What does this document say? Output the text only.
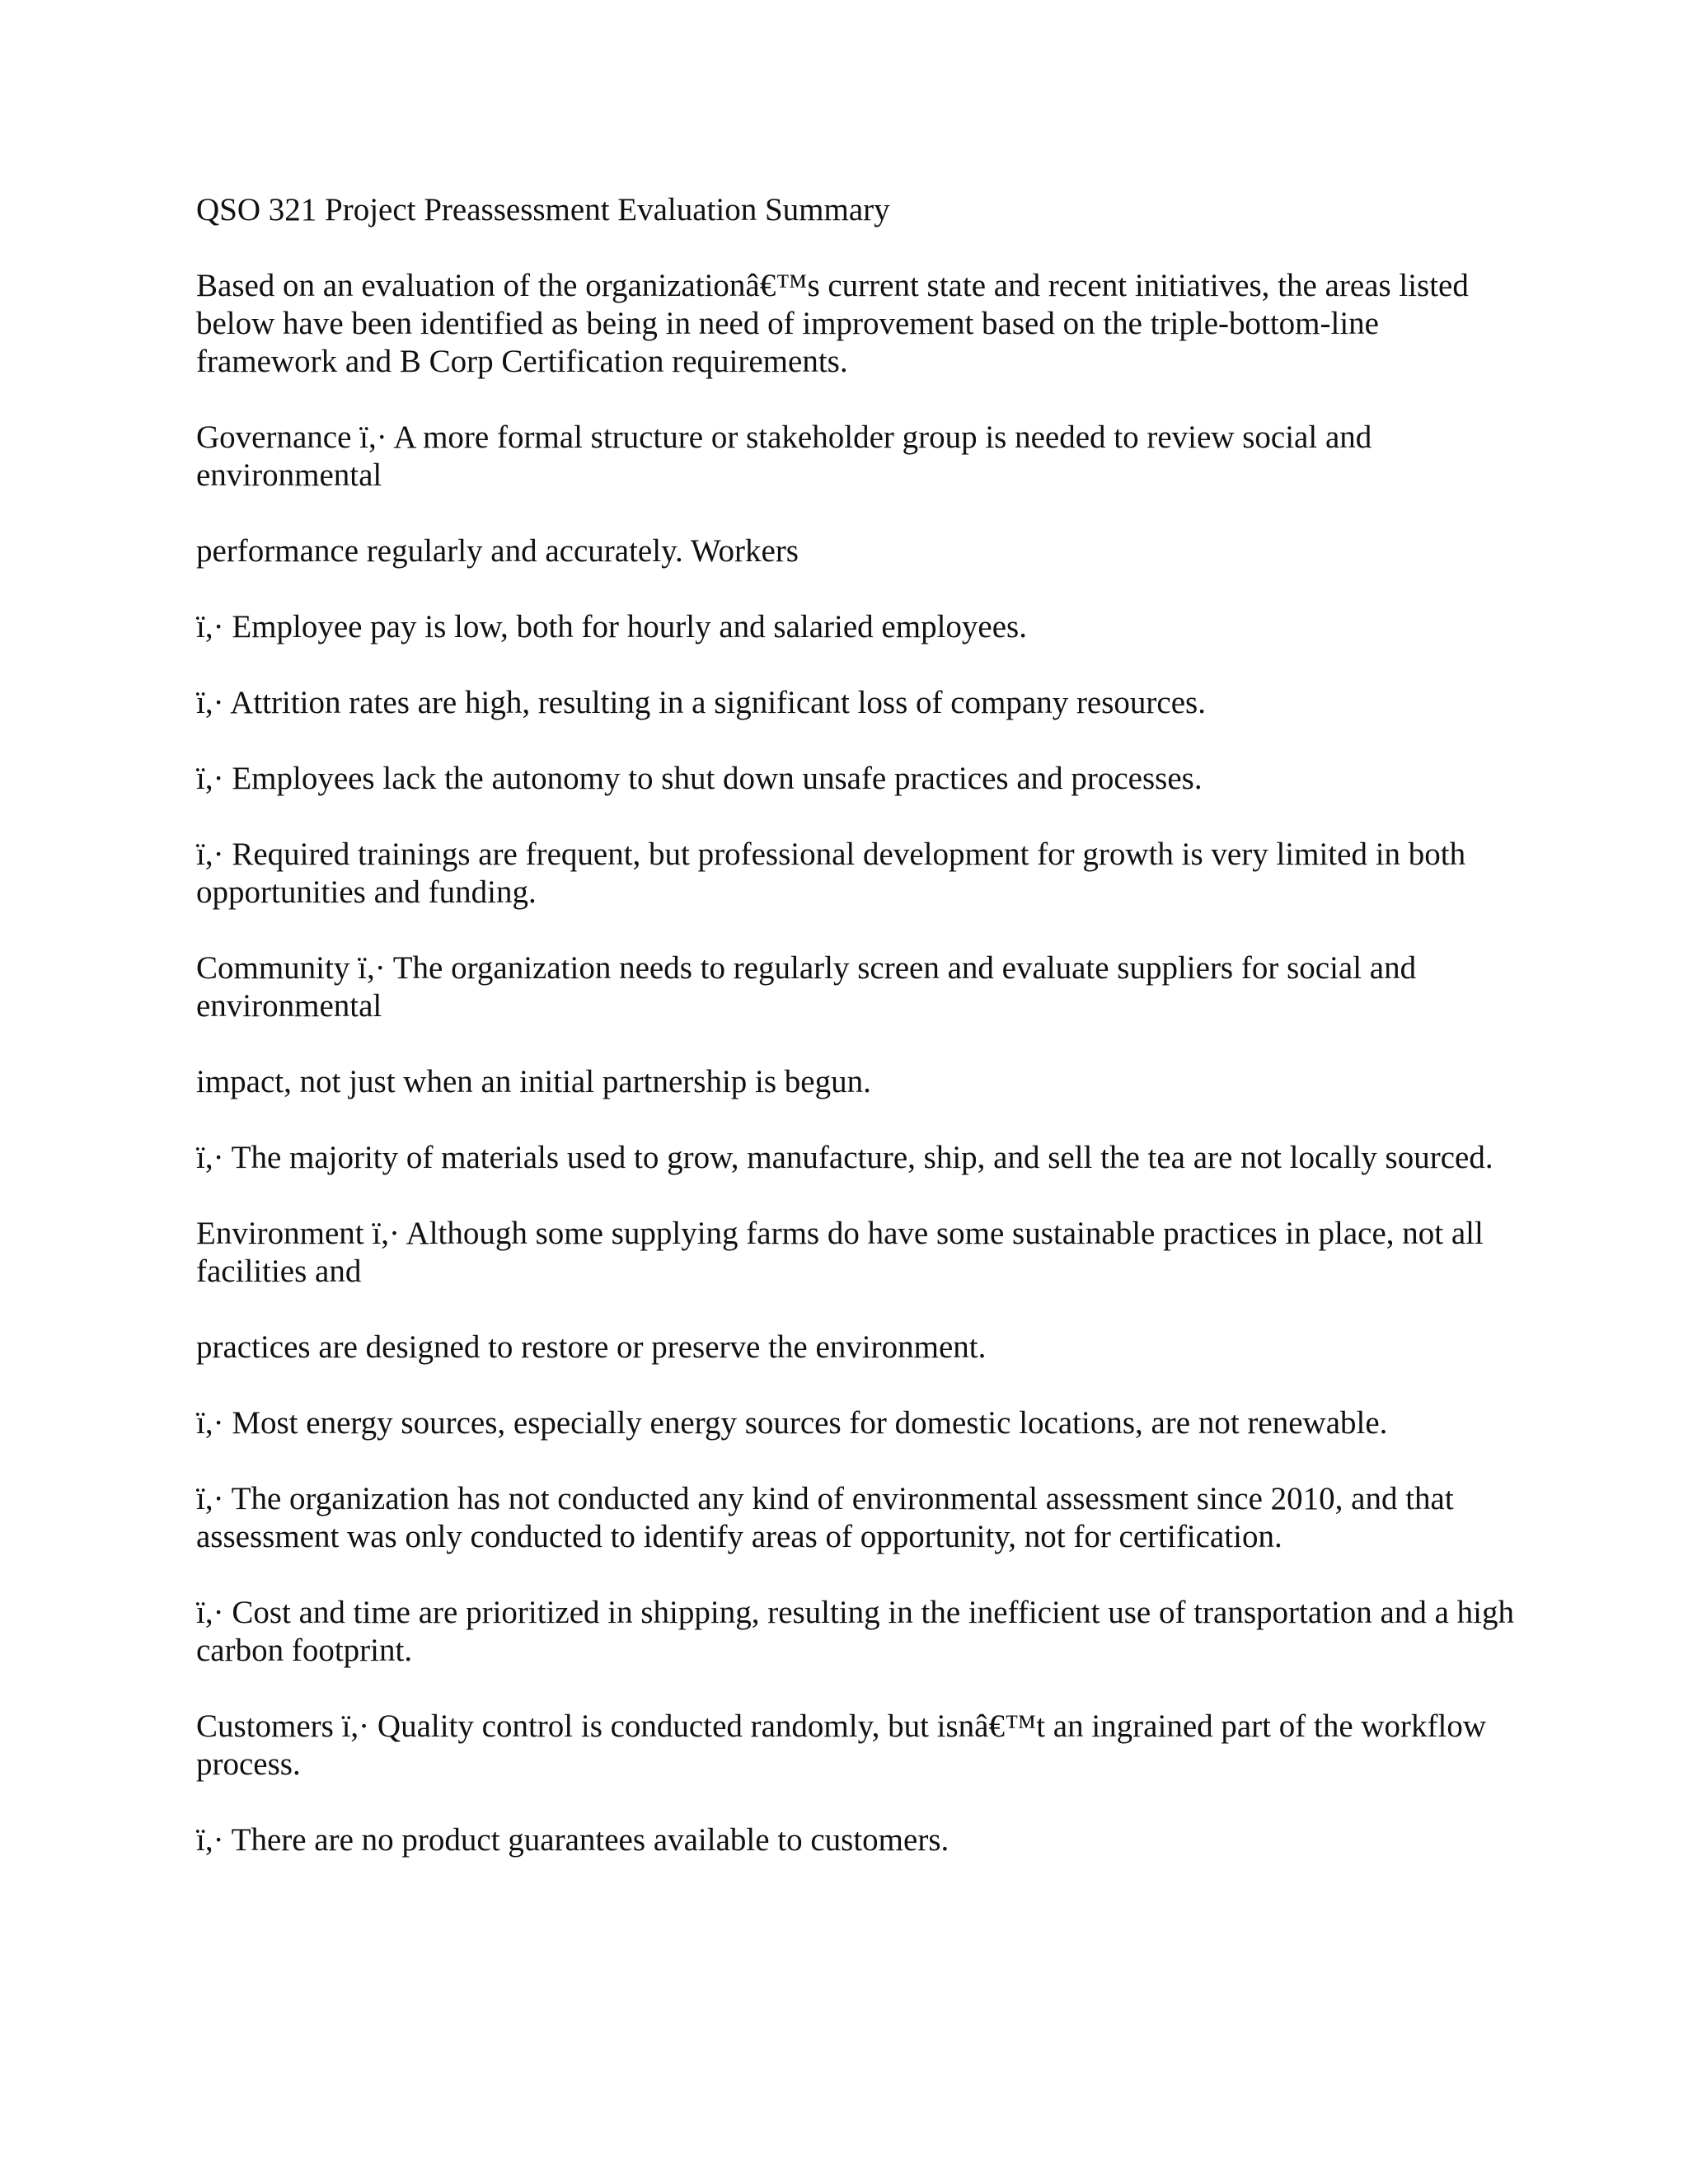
QSO 321 Project Preassessment Evaluation Summary

Based on an evaluation of the organizationâ€™s current state and recent initiatives, the areas listed below have been identified as being in need of improvement based on the triple-bottom-line framework and B Corp Certification requirements.

Governance ï,· A more formal structure or stakeholder group is needed to review social and environmental

performance regularly and accurately. Workers

ï,· Employee pay is low, both for hourly and salaried employees.

ï,· Attrition rates are high, resulting in a significant loss of company resources.

ï,· Employees lack the autonomy to shut down unsafe practices and processes.

ï,· Required trainings are frequent, but professional development for growth is very limited in both opportunities and funding.

Community ï,· The organization needs to regularly screen and evaluate suppliers for social and environmental

impact, not just when an initial partnership is begun.

ï,· The majority of materials used to grow, manufacture, ship, and sell the tea are not locally sourced.

Environment ï,· Although some supplying farms do have some sustainable practices in place, not all facilities and

practices are designed to restore or preserve the environment.

ï,· Most energy sources, especially energy sources for domestic locations, are not renewable.

ï,· The organization has not conducted any kind of environmental assessment since 2010, and that assessment was only conducted to identify areas of opportunity, not for certification.

ï,· Cost and time are prioritized in shipping, resulting in the inefficient use of transportation and a high carbon footprint.

Customers ï,· Quality control is conducted randomly, but isnâ€™t an ingrained part of the workflow process.

ï,· There are no product guarantees available to customers.
